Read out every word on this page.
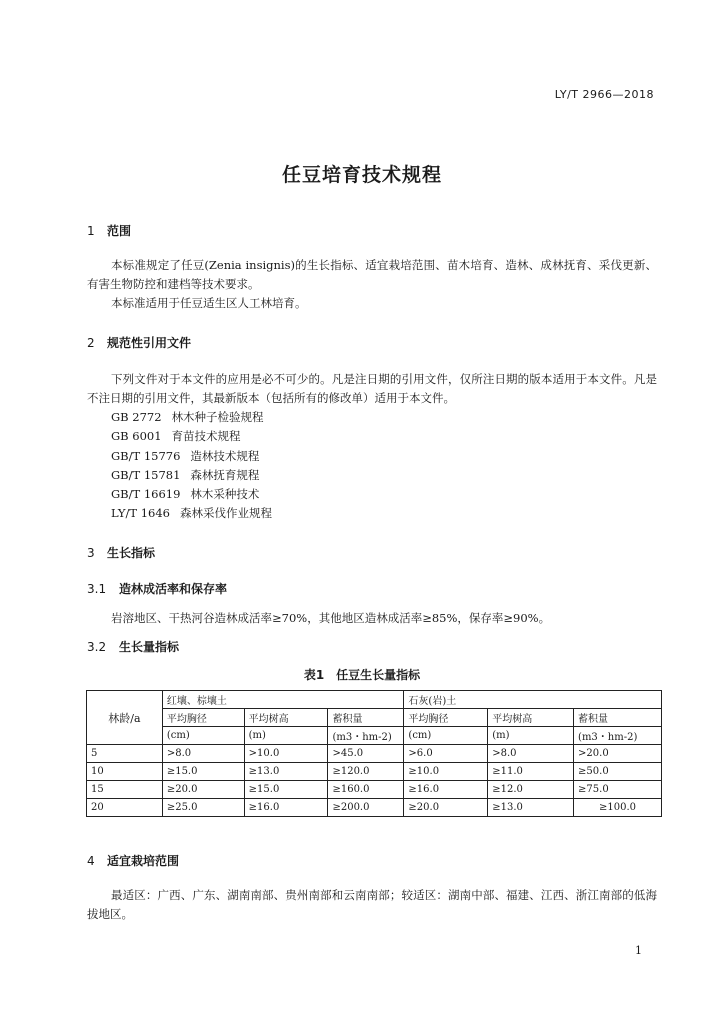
LY/T 2966—2018
任豆培育技术规程
1 范围
本标准规定了任豆(Zenia insignis)的生长指标、适宜栽培范围、苗木培育、造林、成林抚育、采伐更新、有害生物防控和建档等技术要求。
本标准适用于任豆适生区人工林培育。
2 规范性引用文件
下列文件对于本文件的应用是必不可少的。凡是注日期的引用文件，仅所注日期的版本适用于本文件。凡是不注日期的引用文件，其最新版本（包括所有的修改单）适用于本文件。
GB 2772 林木种子检验规程
GB 6001 育苗技术规程
GB/T 15776 造林技术规程
GB/T 15781 森林抚育规程
GB/T 16619 林木采种技术
LY/T 1646 森林采伐作业规程
3 生长指标
3.1 造林成活率和保存率
岩溶地区、干热河谷造林成活率≥70%，其他地区造林成活率≥85%，保存率≥90%。
3.2 生长量指标
表1　任豆生长量指标
林龄/a	红壤、棕壤土			石灰(岩)土		
	平均胸径	平均树高	蓄积量	平均胸径	平均树高	蓄积量
	(cm)	(m)	(m3・hm-2)	(cm)	(m)	(m3・hm-2)
5	>8.0	>10.0	>45.0	>6.0	>8.0	>20.0
10	≥15.0	≥13.0	≥120.0	≥10.0	≥11.0	≥50.0
15	≥20.0	≥15.0	≥160.0	≥16.0	≥12.0	≥75.0
20	≥25.0	≥16.0	≥200.0	≥20.0	≥13.0	≥100.0
4 适宜栽培范围
最适区：广西、广东、湖南南部、贵州南部和云南南部；较适区：湖南中部、福建、江西、浙江南部的低海拔地区。
1
